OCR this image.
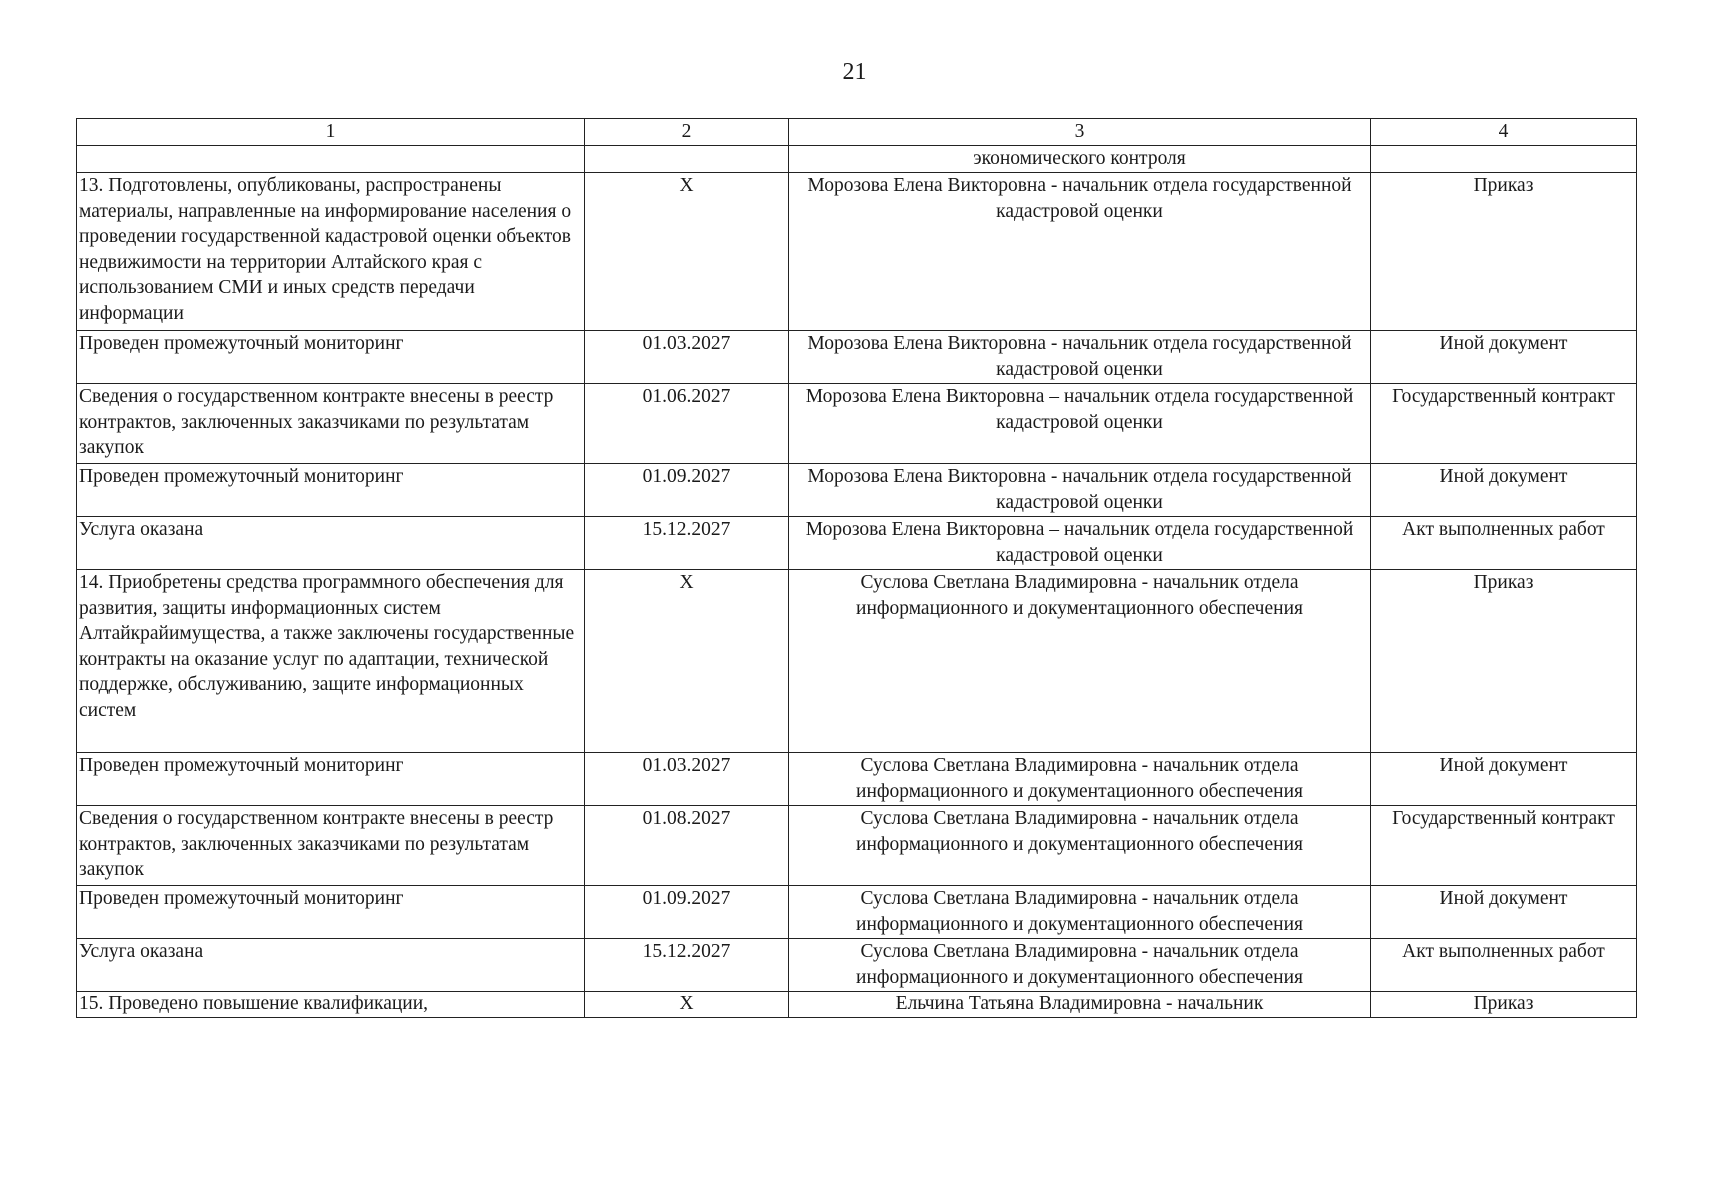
21
1	2	3	4
		экономического контроля	
13. Подготовлены, опубликованы, распространены материалы, направленные на информирование населения о проведении государственной кадастровой оценки объектов недвижимости на территории Алтайского края с использованием СМИ и иных средств передачи информации	Х	Морозова Елена Викторовна - начальник отдела государственной кадастровой оценки	Приказ
Проведен промежуточный мониторинг	01.03.2027	Морозова Елена Викторовна - начальник отдела государственной кадастровой оценки	Иной документ
Сведения о государственном контракте внесены в реестр контрактов, заключенных заказчиками по результатам закупок	01.06.2027	Морозова Елена Викторовна – начальник отдела государственной кадастровой оценки	Государственный контракт
Проведен промежуточный мониторинг	01.09.2027	Морозова Елена Викторовна - начальник отдела государственной кадастровой оценки	Иной документ
Услуга оказана	15.12.2027	Морозова Елена Викторовна – начальник отдела государственной кадастровой оценки	Акт выполненных работ
14. Приобретены средства программного обеспечения для развития, защиты информационных систем Алтайкрайимущества, а также заключены государственные контракты на оказание услуг по адаптации, технической поддержке, обслуживанию, защите информационных систем	Х	Суслова Светлана Владимировна - начальник отдела информационного и документационного обеспечения	Приказ
Проведен промежуточный мониторинг	01.03.2027	Суслова Светлана Владимировна - начальник отдела информационного и документационного обеспечения	Иной документ
Сведения о государственном контракте внесены в реестр контрактов, заключенных заказчиками по результатам закупок	01.08.2027	Суслова Светлана Владимировна - начальник отдела информационного и документационного обеспечения	Государственный контракт
Проведен промежуточный мониторинг	01.09.2027	Суслова Светлана Владимировна - начальник отдела информационного и документационного обеспечения	Иной документ
Услуга оказана	15.12.2027	Суслова Светлана Владимировна - начальник отдела информационного и документационного обеспечения	Акт выполненных работ
15. Проведено повышение квалификации,	Х	Ельчина Татьяна Владимировна - начальник	Приказ
